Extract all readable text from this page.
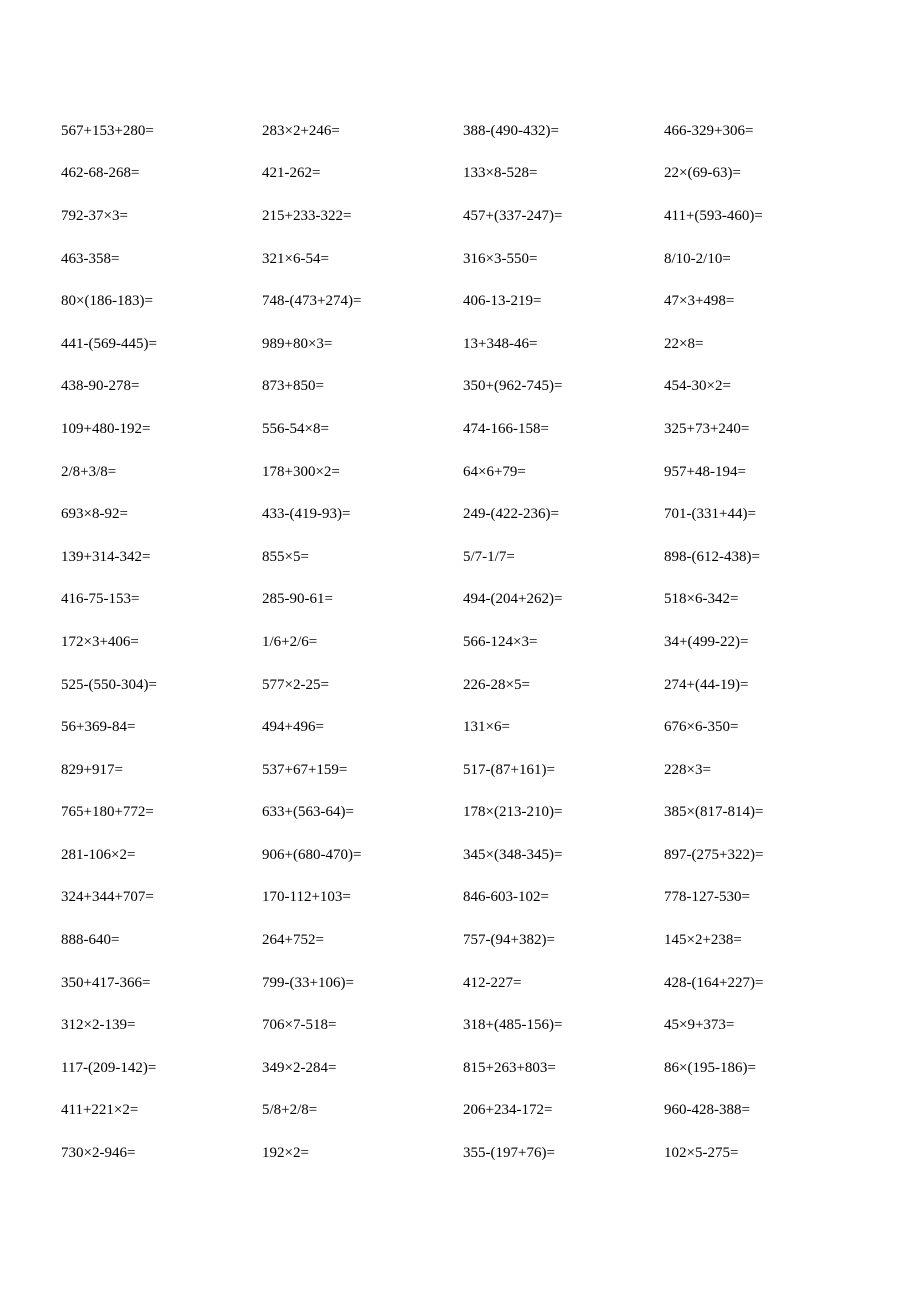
567+153+280=	283×2+246=	388-(490-432)=	466-329+306=
462-68-268=	421-262=	133×8-528=	22×(69-63)=
792-37×3=	215+233-322=	457+(337-247)=	411+(593-460)=
463-358=	321×6-54=	316×3-550=	8/10-2/10=
80×(186-183)=	748-(473+274)=	406-13-219=	47×3+498=
441-(569-445)=	989+80×3=	13+348-46=	22×8=
438-90-278=	873+850=	350+(962-745)=	454-30×2=
109+480-192=	556-54×8=	474-166-158=	325+73+240=
2/8+3/8=	178+300×2=	64×6+79=	957+48-194=
693×8-92=	433-(419-93)=	249-(422-236)=	701-(331+44)=
139+314-342=	855×5=	5/7-1/7=	898-(612-438)=
416-75-153=	285-90-61=	494-(204+262)=	518×6-342=
172×3+406=	1/6+2/6=	566-124×3=	34+(499-22)=
525-(550-304)=	577×2-25=	226-28×5=	274+(44-19)=
56+369-84=	494+496=	131×6=	676×6-350=
829+917=	537+67+159=	517-(87+161)=	228×3=
765+180+772=	633+(563-64)=	178×(213-210)=	385×(817-814)=
281-106×2=	906+(680-470)=	345×(348-345)=	897-(275+322)=
324+344+707=	170-112+103=	846-603-102=	778-127-530=
888-640=	264+752=	757-(94+382)=	145×2+238=
350+417-366=	799-(33+106)=	412-227=	428-(164+227)=
312×2-139=	706×7-518=	318+(485-156)=	45×9+373=
117-(209-142)=	349×2-284=	815+263+803=	86×(195-186)=
411+221×2=	5/8+2/8=	206+234-172=	960-428-388=
730×2-946=	192×2=	355-(197+76)=	102×5-275=
